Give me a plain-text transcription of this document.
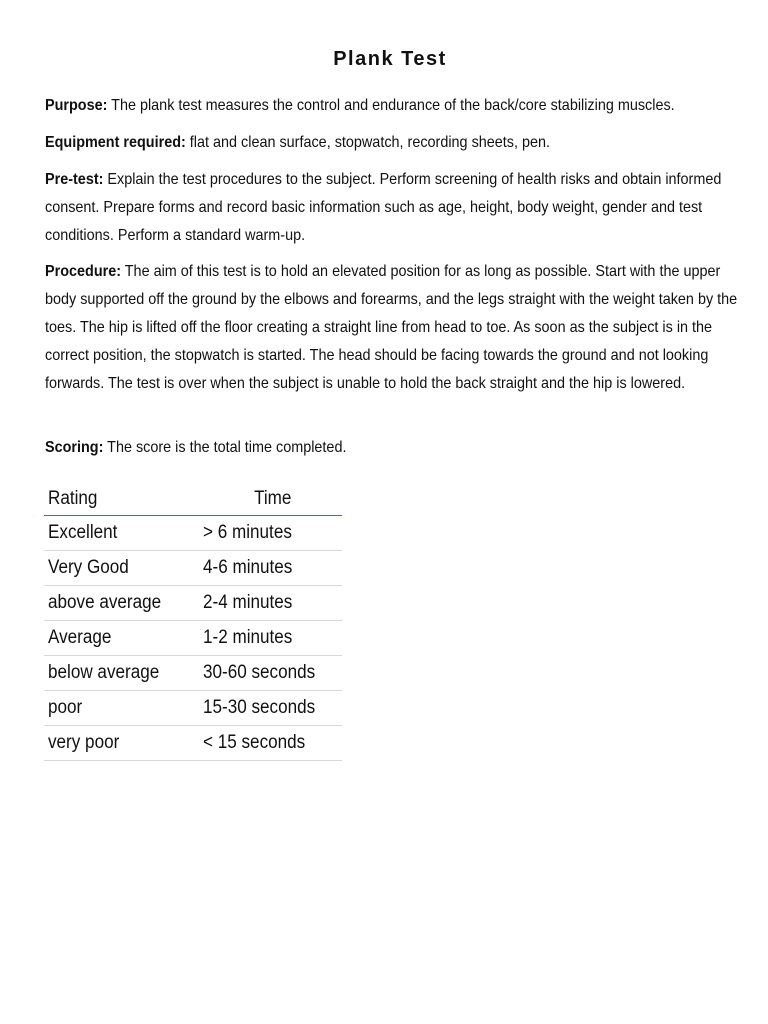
Plank Test

Purpose: The plank test measures the control and endurance of the back/core stabilizing muscles.

Equipment required: flat and clean surface, stopwatch, recording sheets, pen.

Pre-test: Explain the test procedures to the subject. Perform screening of health risks and obtain informed consent. Prepare forms and record basic information such as age, height, body weight, gender and test conditions. Perform a standard warm-up.

Procedure: The aim of this test is to hold an elevated position for as long as possible. Start with the upper body supported off the ground by the elbows and forearms, and the legs straight with the weight taken by the toes. The hip is lifted off the floor creating a straight line from head to toe. As soon as the subject is in the correct position, the stopwatch is started. The head should be facing towards the ground and not looking forwards. The test is over when the subject is unable to hold the back straight and the hip is lowered.

Scoring: The score is the total time completed.

Rating	Time
Excellent	> 6 minutes
Very Good	4-6 minutes
above average	2-4 minutes
Average	1-2 minutes
below average	30-60 seconds
poor	15-30 seconds
very poor	< 15 seconds
